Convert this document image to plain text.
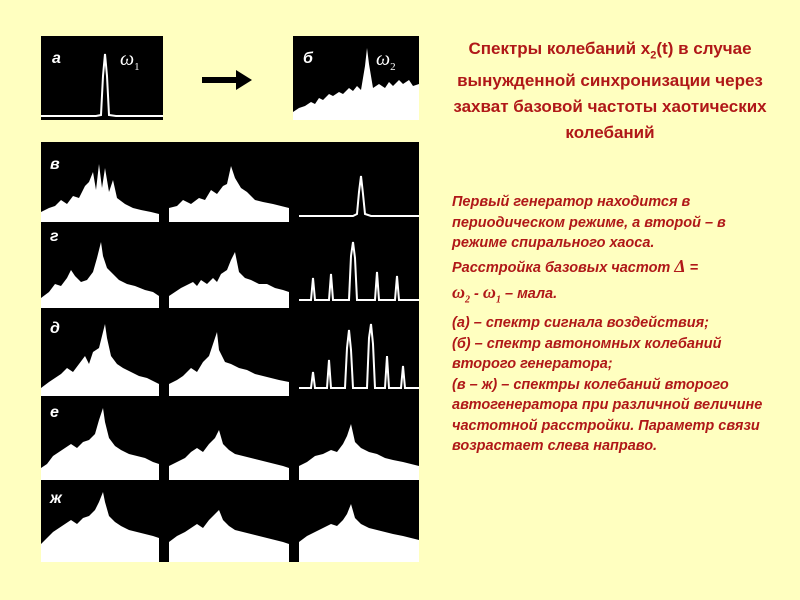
а	$\omega_1$	б	$\omega_2$
в
г
д
е
ж
Спектры колебаний $x_2(t)$ в случае вынужденной синхронизации через захват базовой частоты хаотических колебаний

Первый генератор находится в периодическом режиме, а второй – в режиме спирального хаоса.

Расстройка базовых частот Δ =

$\omega_2 - \omega_1$ – мала.

(а) – спектр сигнала воздействия;

(б) – спектр автономных колебаний второго генератора;

(в – ж) – спектры колебаний второго автогенератора при различной величине частотной расстройки. Параметр связи возрастает слева направо.
